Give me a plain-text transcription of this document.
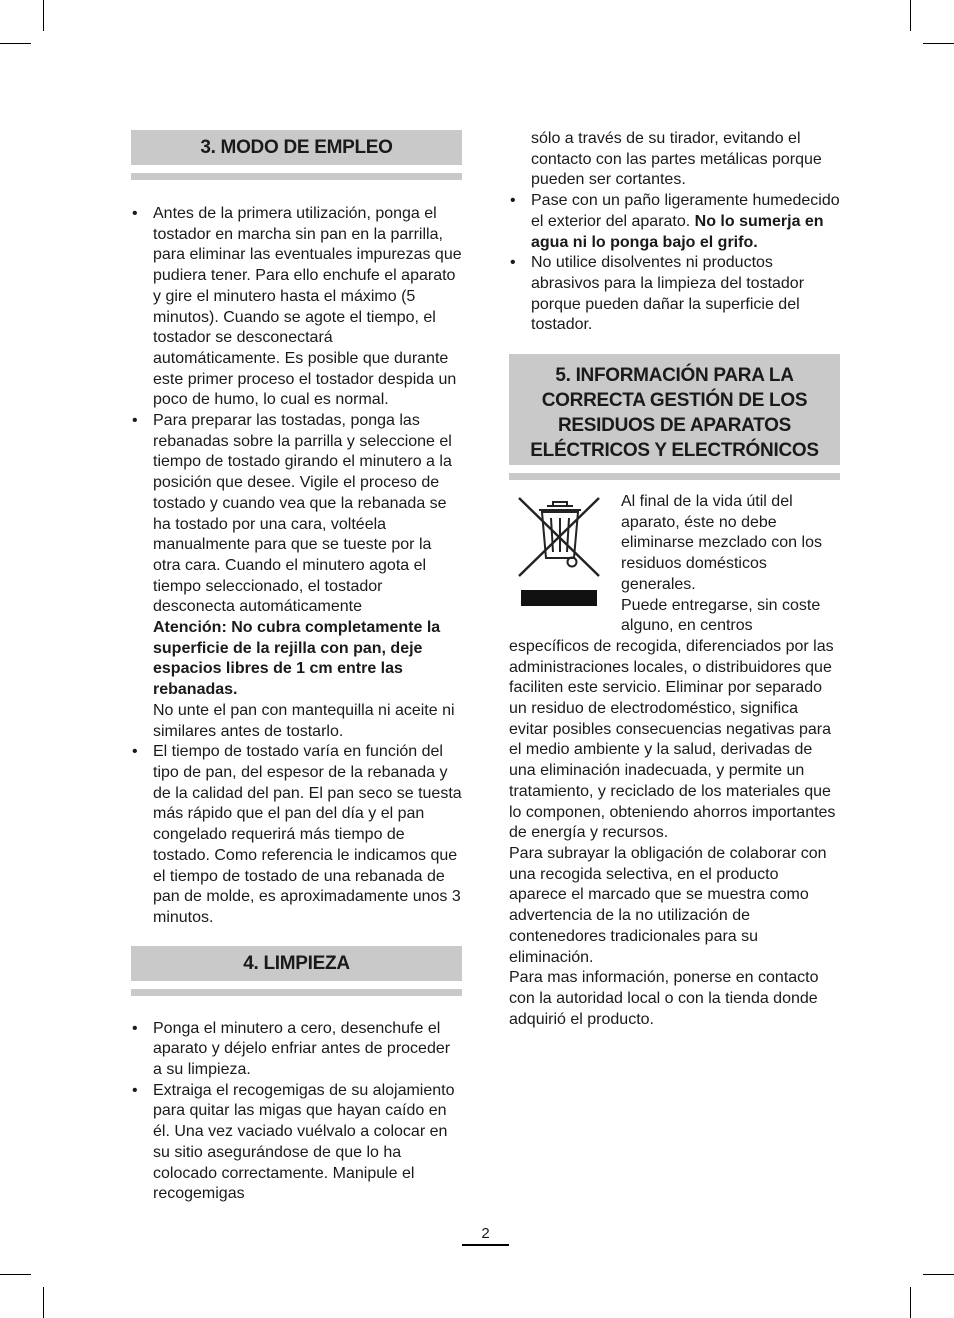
3. MODO DE EMPLEO
• Antes de la primera utilización, ponga el tostador en marcha sin pan en la parrilla, para eliminar las eventuales impurezas que pudiera tener. Para ello enchufe el aparato y gire el minutero hasta el máximo (5 minutos). Cuando se agote el tiempo, el tostador se desconectará automáticamente. Es posible que durante este primer proceso el tostador despida un poco de humo, lo cual es normal.
• Para preparar las tostadas, ponga las rebanadas sobre la parrilla y seleccione el tiempo de tostado girando el minutero a la posición que desee. Vigile el proceso de tostado y cuando vea que la rebanada se ha tostado por una cara, voltéela manualmente para que se tueste por la otra cara. Cuando el minutero agota el tiempo seleccionado, el tostador desconecta automáticamente
Atención: No cubra completamente la superficie de la rejilla con pan, deje espacios libres de 1 cm entre las rebanadas.
No unte el pan con mantequilla ni aceite ni similares antes de tostarlo.
• El tiempo de tostado varía en función del tipo de pan, del espesor de la rebanada y de la calidad del pan. El pan seco se tuesta más rápido que el pan del día y el pan congelado requerirá más tiempo de tostado. Como referencia le indicamos que el tiempo de tostado de una rebanada de pan de molde, es aproximadamente unos 3 minutos.
4. LIMPIEZA
• Ponga el minutero a cero, desenchufe el aparato y déjelo enfriar antes de proceder a su limpieza.
• Extraiga el recogemigas de su alojamiento para quitar las migas que hayan caído en él. Una vez vaciado vuélvalo a colocar en su sitio asegurándose de que lo ha colocado correctamente. Manipule el recogemigas
sólo a través de su tirador, evitando el contacto con las partes metálicas porque pueden ser cortantes.
• Pase con un paño ligeramente humedecido el exterior del aparato. No lo sumerja en agua ni lo ponga bajo el grifo.
• No utilice disolventes ni productos abrasivos para la limpieza del tostador porque pueden dañar la superficie del tostador.
5. INFORMACIÓN PARA LA CORRECTA GESTIÓN DE LOS RESIDUOS DE APARATOS ELÉCTRICOS Y ELECTRÓNICOS
Al final de la vida útil del aparato, éste no debe eliminarse mezclado con los residuos domésticos generales.
Puede entregarse, sin coste alguno, en centros
específicos de recogida, diferenciados por las administraciones locales, o distribuidores que faciliten este servicio. Eliminar por separado un residuo de electrodoméstico, significa evitar posibles consecuencias negativas para el medio ambiente y la salud, derivadas de una eliminación inadecuada, y permite un tratamiento, y reciclado de los materiales que lo componen, obteniendo ahorros importantes de energía y recursos.
Para subrayar la obligación de colaborar con una recogida selectiva, en el producto aparece el marcado que se muestra como advertencia de la no utilización de contenedores tradicionales para su eliminación.
Para mas información, ponerse en contacto con la autoridad local o con la tienda donde adquirió el producto.
2
